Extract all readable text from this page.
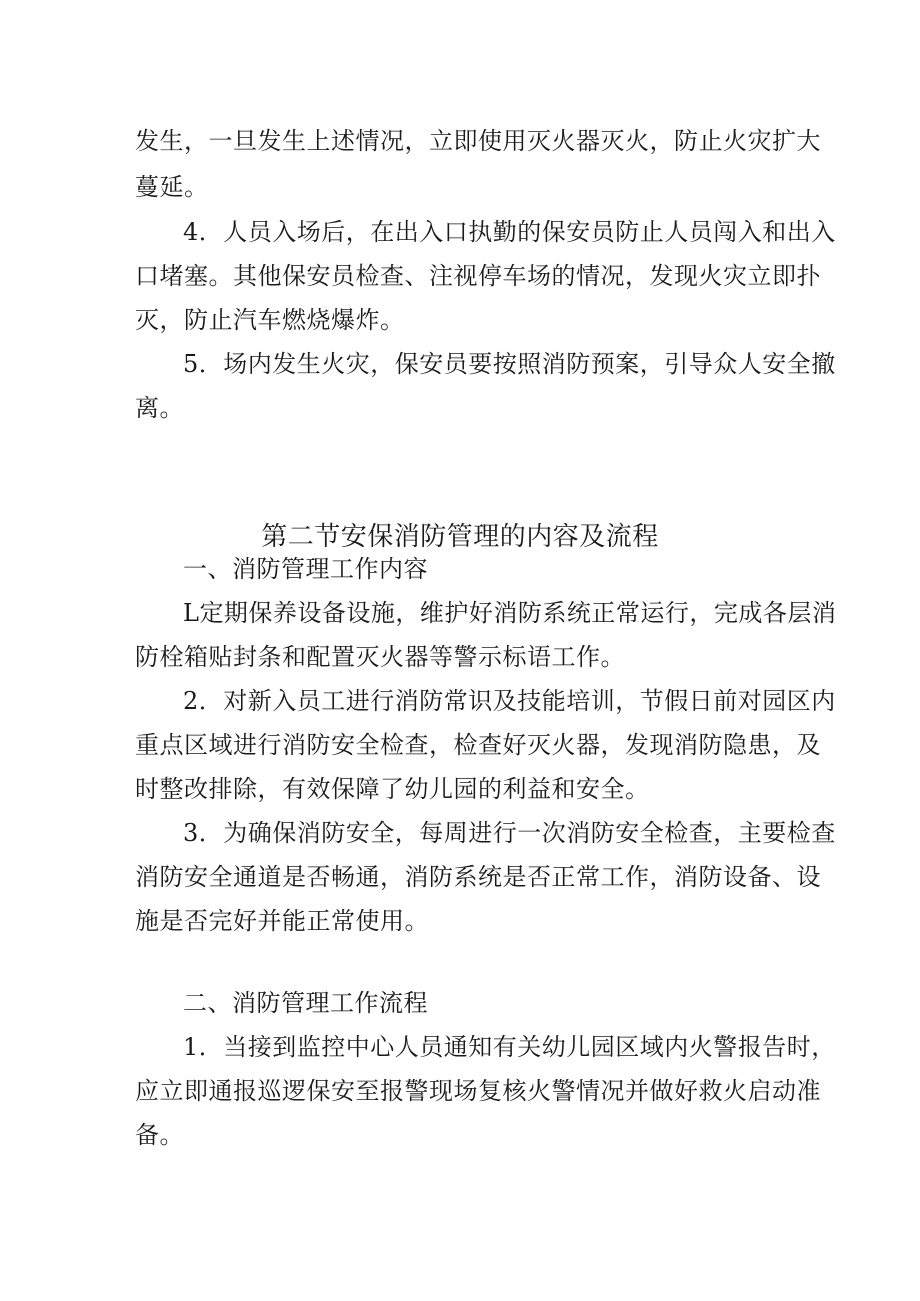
发生，一旦发生上述情况，立即使用灭火器灭火，防止火灾扩大
蔓延。
4．人员入场后，在出入口执勤的保安员防止人员闯入和出入
口堵塞。其他保安员检查、注视停车场的情况，发现火灾立即扑
灭，防止汽车燃烧爆炸。
5．场内发生火灾，保安员要按照消防预案，引导众人安全撤
离。
第二节安保消防管理的内容及流程
一、消防管理工作内容
L定期保养设备设施，维护好消防系统正常运行，完成各层消
防栓箱贴封条和配置灭火器等警示标语工作。
2．对新入员工进行消防常识及技能培训，节假日前对园区内
重点区域进行消防安全检查，检查好灭火器，发现消防隐患，及
时整改排除，有效保障了幼儿园的利益和安全。
3．为确保消防安全，每周进行一次消防安全检查，主要检查
消防安全通道是否畅通，消防系统是否正常工作，消防设备、设
施是否完好并能正常使用。
二、消防管理工作流程
1．当接到监控中心人员通知有关幼儿园区域内火警报告时，
应立即通报巡逻保安至报警现场复核火警情况并做好救火启动准
备。
